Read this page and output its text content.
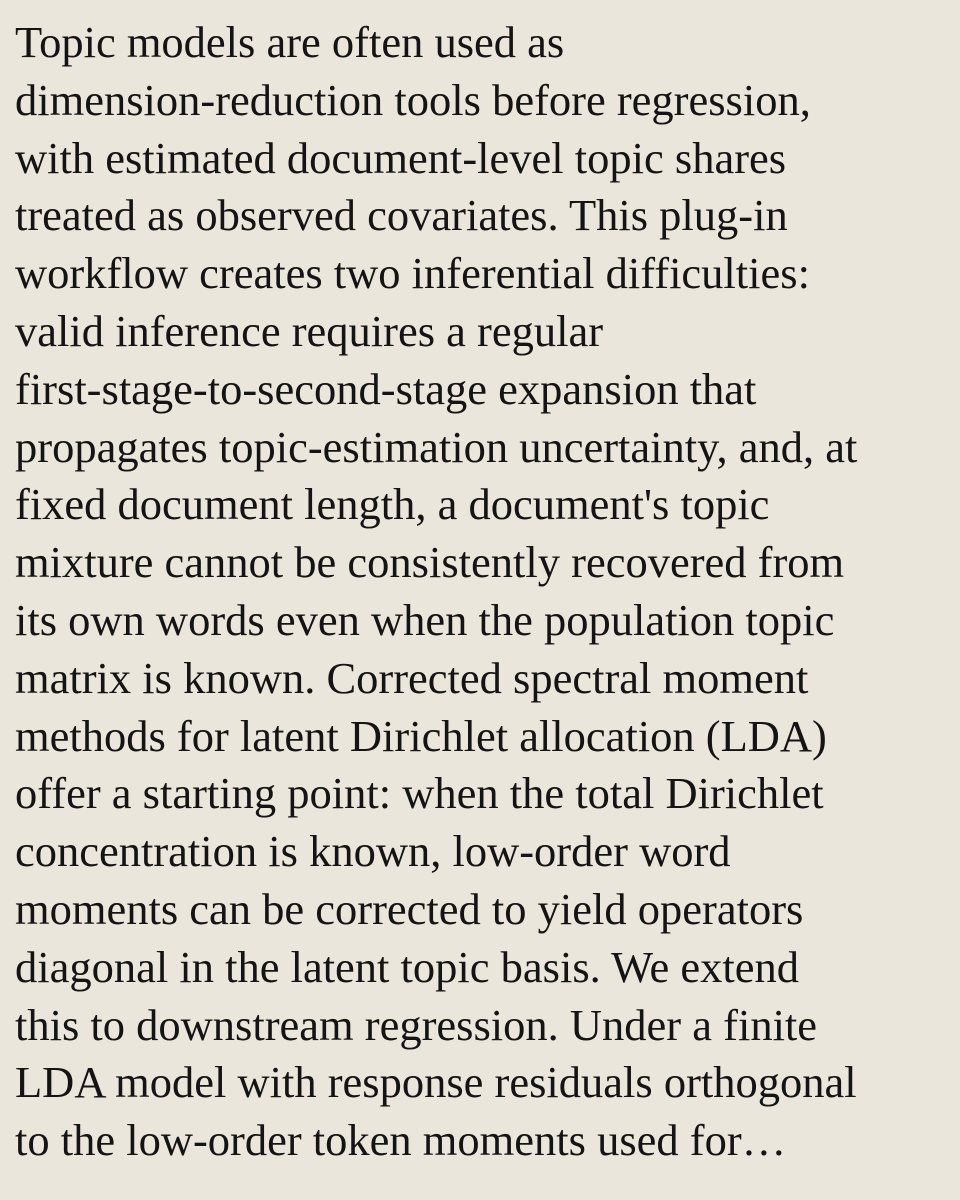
Topic models are often used as
dimension-reduction tools before regression,
with estimated document-level topic shares
treated as observed covariates. This plug-in
workflow creates two inferential difficulties:
valid inference requires a regular
first-stage-to-second-stage expansion that
propagates topic-estimation uncertainty, and, at
fixed document length, a document's topic
mixture cannot be consistently recovered from
its own words even when the population topic
matrix is known. Corrected spectral moment
methods for latent Dirichlet allocation (LDA)
offer a starting point: when the total Dirichlet
concentration is known, low-order word
moments can be corrected to yield operators
diagonal in the latent topic basis. We extend
this to downstream regression. Under a finite
LDA model with response residuals orthogonal
to the low-order token moments used for…
